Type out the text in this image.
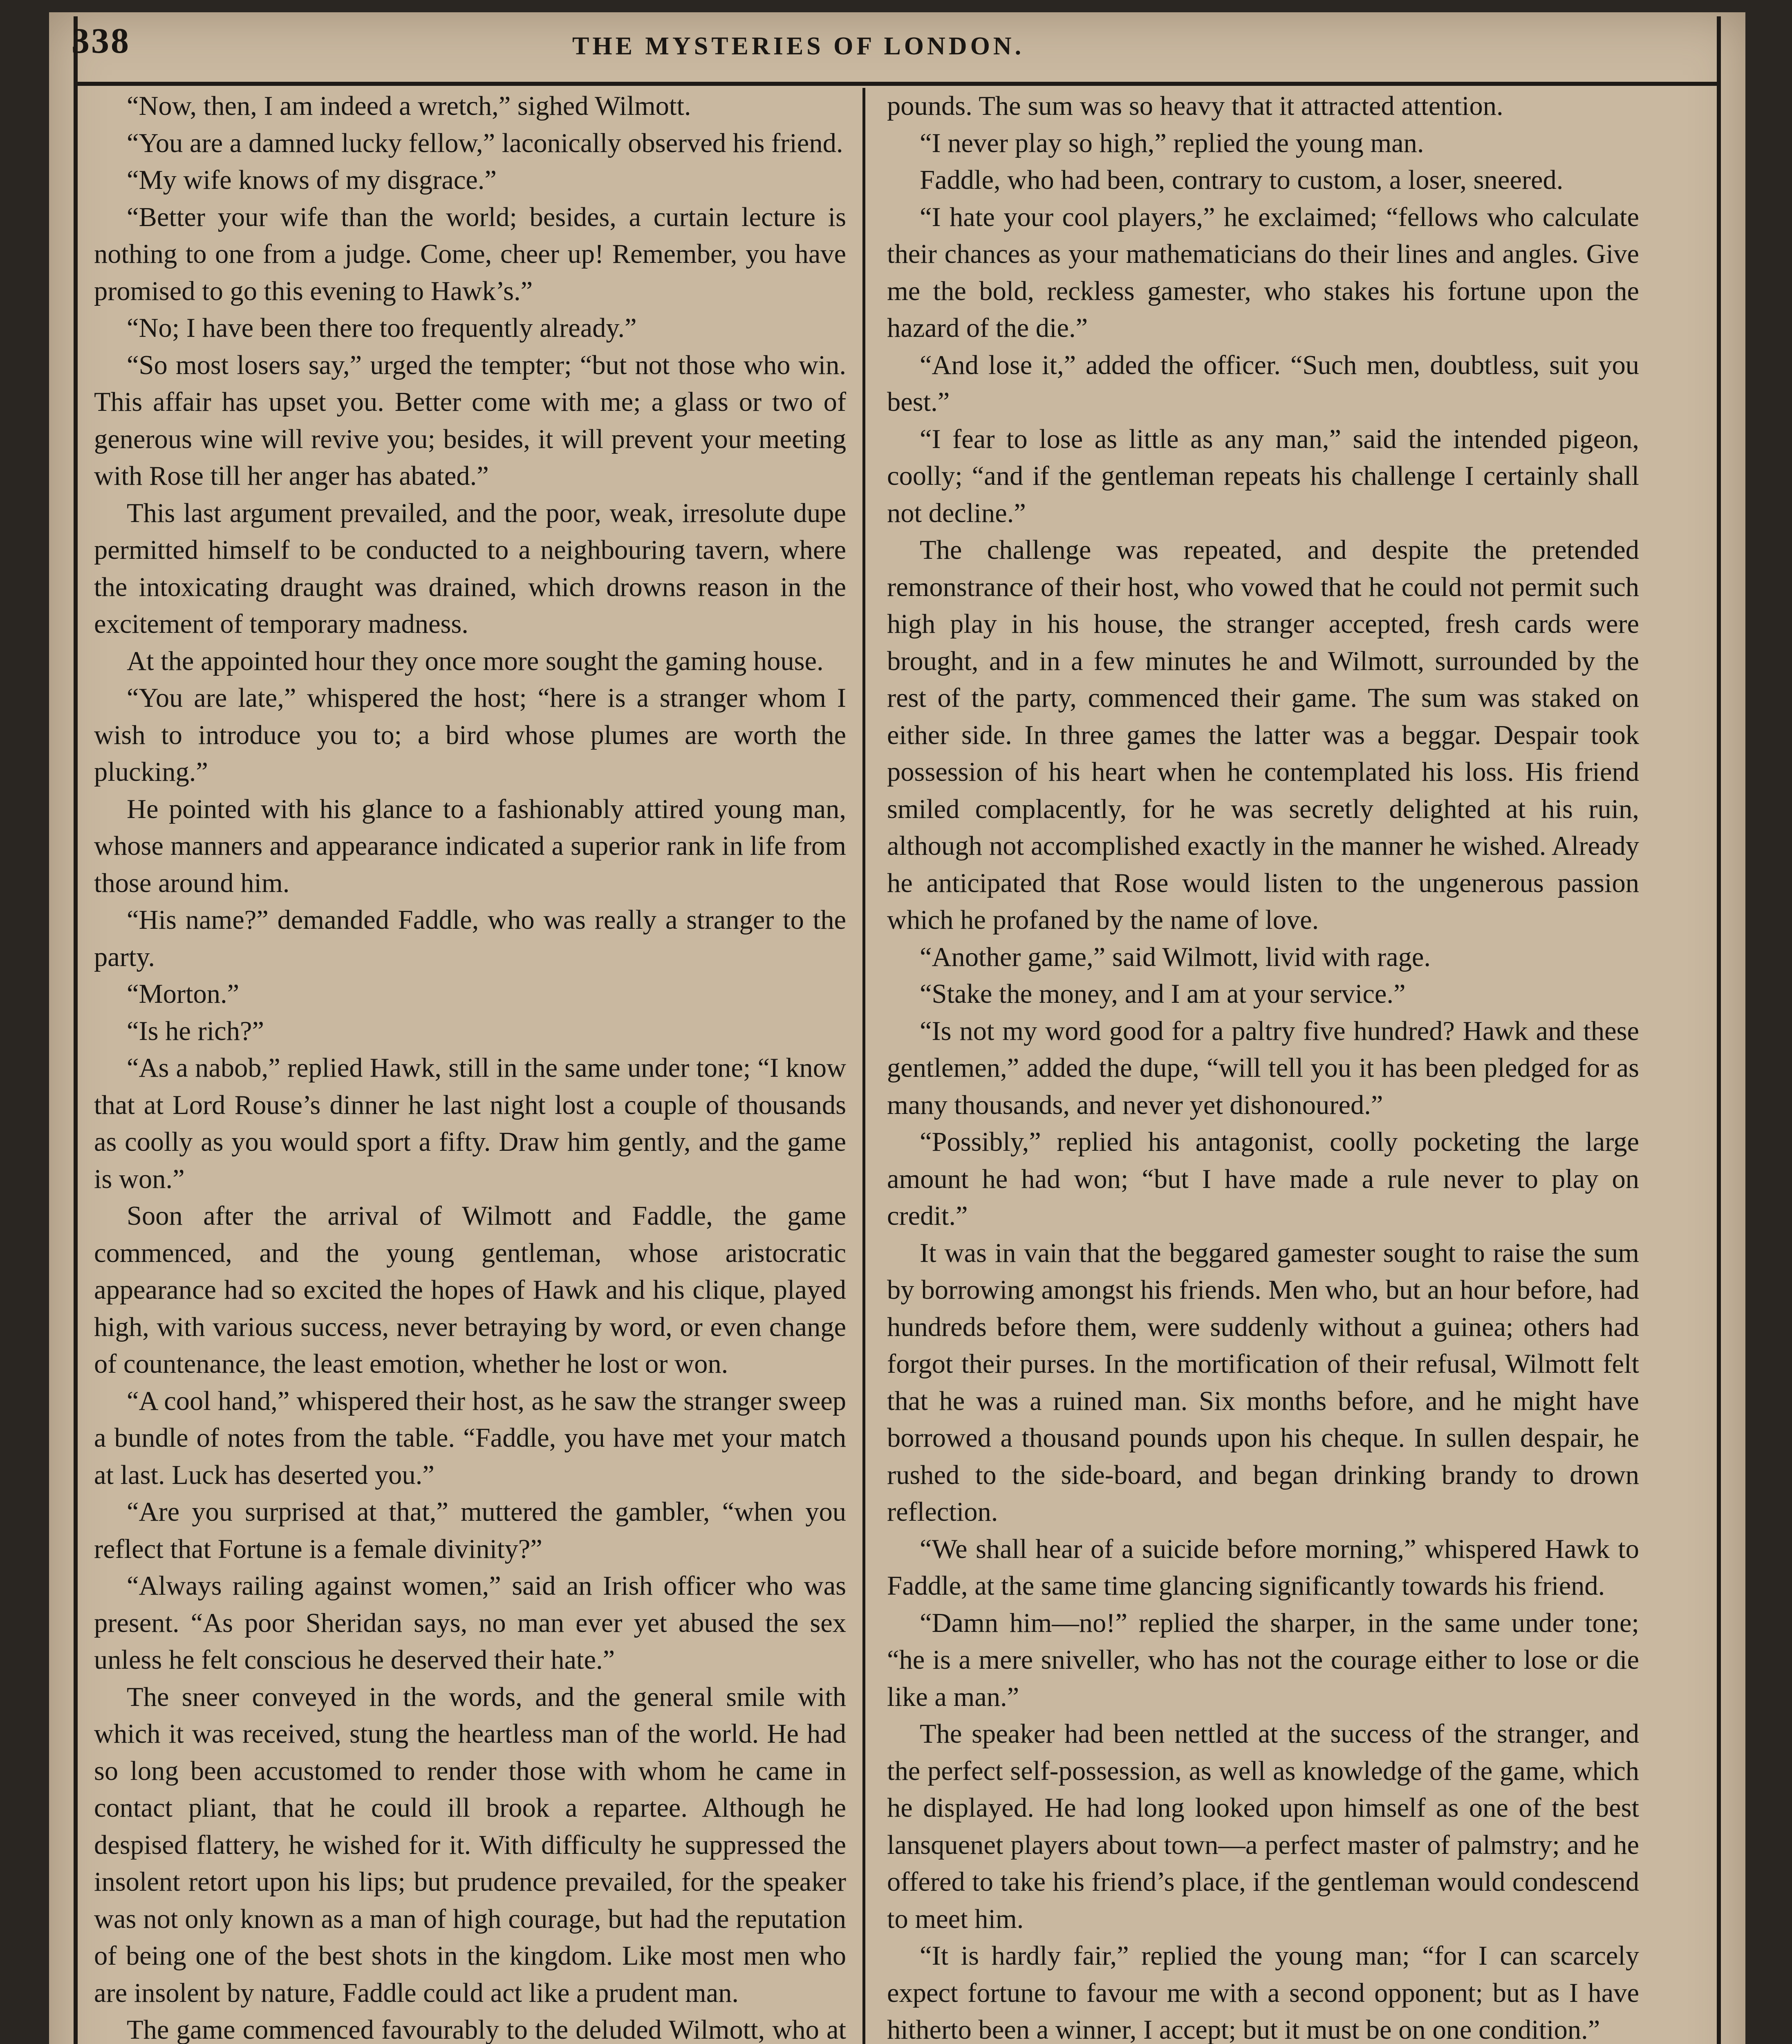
338	THE MYSTERIES OF LONDON.

“Now, then, I am indeed a wretch,” sighed Wilmott.

“You are a damned lucky fellow,” laconically observed his friend.

“My wife knows of my disgrace.”

“Better your wife than the world; besides, a curtain lecture is nothing to one from a judge. Come, cheer up! Remember, you have promised to go this evening to Hawk’s.”

“No; I have been there too frequently already.”

“So most losers say,” urged the tempter; “but not those who win. This affair has upset you. Better come with me; a glass or two of generous wine will revive you; besides, it will prevent your meeting with Rose till her anger has abated.”

This last argument prevailed, and the poor, weak, irresolute dupe permitted himself to be conducted to a neighbouring tavern, where the intoxicating draught was drained, which drowns reason in the excitement of temporary madness.

At the appointed hour they once more sought the gaming house.

“You are late,” whispered the host; “here is a stranger whom I wish to introduce you to; a bird whose plumes are worth the plucking.”

He pointed with his glance to a fashionably attired young man, whose manners and appearance indicated a superior rank in life from those around him.

“His name?” demanded Faddle, who was really a stranger to the party.

“Morton.”

“Is he rich?”

“As a nabob,” replied Hawk, still in the same under tone; “I know that at Lord Rouse’s dinner he last night lost a couple of thousands as coolly as you would sport a fifty. Draw him gently, and the game is won.”

Soon after the arrival of Wilmott and Faddle, the game commenced, and the young gentleman, whose aristocratic appearance had so excited the hopes of Hawk and his clique, played high, with various success, never betraying by word, or even change of countenance, the least emotion, whether he lost or won.

“A cool hand,” whispered their host, as he saw the stranger sweep a bundle of notes from the table. “Faddle, you have met your match at last. Luck has deserted you.”

“Are you surprised at that,” muttered the gambler, “when you reflect that Fortune is a female divinity?”

“Always railing against women,” said an Irish officer who was present. “As poor Sheridan says, no man ever yet abused the sex unless he felt conscious he deserved their hate.”

The sneer conveyed in the words, and the general smile with which it was received, stung the heartless man of the world. He had so long been accustomed to render those with whom he came in contact pliant, that he could ill brook a repartee. Although he despised flattery, he wished for it. With difficulty he suppressed the insolent retort upon his lips; but prudence prevailed, for the speaker was not only known as a man of high courage, but had the reputation of being one of the best shots in the kingdom. Like most men who are insolent by nature, Faddle could act like a prudent man.

The game commenced favourably to the deluded Wilmott, who at

pounds. The sum was so heavy that it attracted attention.

“I never play so high,” replied the young man.

Faddle, who had been, contrary to custom, a loser, sneered.

“I hate your cool players,” he exclaimed; “fellows who calculate their chances as your mathematicians do their lines and angles. Give me the bold, reckless gamester, who stakes his fortune upon the hazard of the die.”

“And lose it,” added the officer. “Such men, doubtless, suit you best.”

“I fear to lose as little as any man,” said the intended pigeon, coolly; “and if the gentleman repeats his challenge I certainly shall not decline.”

The challenge was repeated, and despite the pretended remonstrance of their host, who vowed that he could not permit such high play in his house, the stranger accepted, fresh cards were brought, and in a few minutes he and Wilmott, surrounded by the rest of the party, commenced their game. The sum was staked on either side. In three games the latter was a beggar. Despair took possession of his heart when he contemplated his loss. His friend smiled complacently, for he was secretly delighted at his ruin, although not accomplished exactly in the manner he wished. Already he anticipated that Rose would listen to the ungenerous passion which he profaned by the name of love.

“Another game,” said Wilmott, livid with rage.

“Stake the money, and I am at your service.”

“Is not my word good for a paltry five hundred? Hawk and these gentlemen,” added the dupe, “will tell you it has been pledged for as many thousands, and never yet dishonoured.”

“Possibly,” replied his antagonist, coolly pocketing the large amount he had won; “but I have made a rule never to play on credit.”

It was in vain that the beggared gamester sought to raise the sum by borrowing amongst his friends. Men who, but an hour before, had hundreds before them, were suddenly without a guinea; others had forgot their purses. In the mortification of their refusal, Wilmott felt that he was a ruined man. Six months before, and he might have borrowed a thousand pounds upon his cheque. In sullen despair, he rushed to the side-board, and began drinking brandy to drown reflection.

“We shall hear of a suicide before morning,” whispered Hawk to Faddle, at the same time glancing significantly towards his friend.

“Damn him—no!” replied the sharper, in the same under tone; “he is a mere sniveller, who has not the courage either to lose or die like a man.”

The speaker had been nettled at the success of the stranger, and the perfect self-possession, as well as knowledge of the game, which he displayed. He had long looked upon himself as one of the best lansquenet players about town—a perfect master of palmstry; and he offered to take his friend’s place, if the gentleman would condescend to meet him.

“It is hardly fair,” replied the young man; “for I can scarcely expect fortune to favour me with a second opponent; but as I have hitherto been a winner, I accept; but it must be on one condition.”
